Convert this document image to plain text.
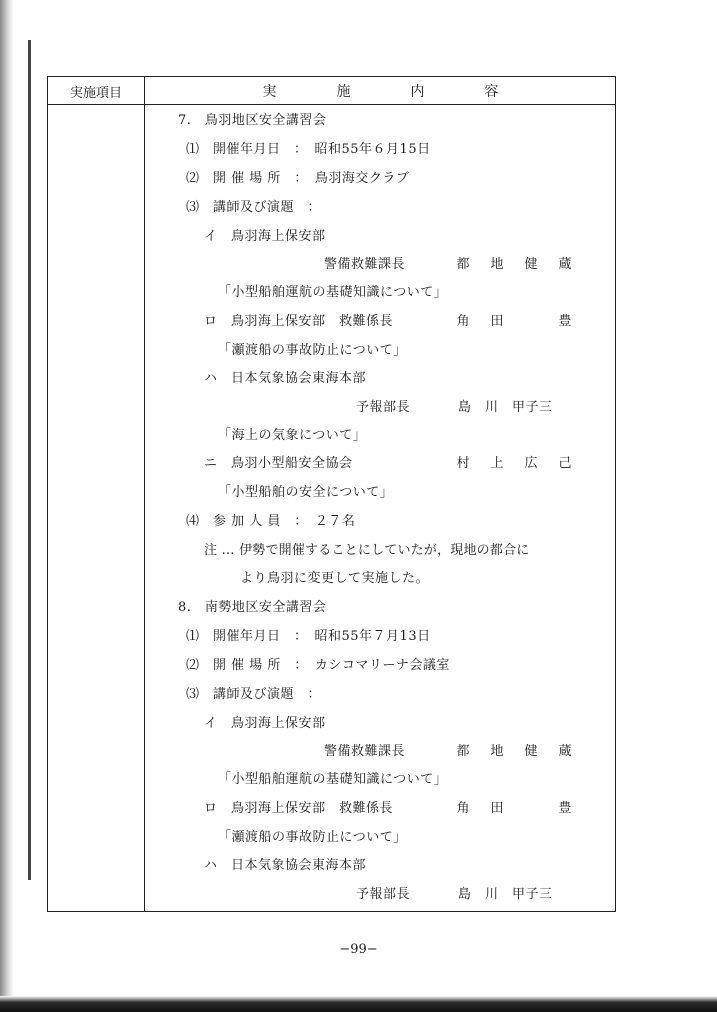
実施項目	実	施	内	容
7.　鳥羽地区安全講習会
⑴　開催年月日　：　昭和55年６月15日
⑵　開 催 場 所　：　鳥羽海交クラブ
⑶　講師及び演題　：
イ　鳥羽海上保安部
警備救難課長	都 地 健 蔵
「小型船舶運航の基礎知識について」
ロ　鳥羽海上保安部　救難係長	角 田	豊
「瀬渡船の事故防止について」
ハ　日本気象協会東海本部
予報部長	島　川　甲子三
「海上の気象について」
ニ　鳥羽小型船安全協会	村 上 広 己
「小型船舶の安全について」
⑷　参 加 人 員　：　２７名
注 … 伊勢で開催することにしていたが，現地の都合に
より鳥羽に変更して実施した。
8.　南勢地区安全講習会
⑴　開催年月日　：　昭和55年７月13日
⑵　開 催 場 所　：　カシコマリーナ会議室
⑶　講師及び演題　：
イ　鳥羽海上保安部
警備救難課長	都 地 健 蔵
「小型船舶運航の基礎知識について」
ロ　鳥羽海上保安部　救難係長	角 田	豊
「瀬渡船の事故防止について」
ハ　日本気象協会東海本部
予報部長	島　川　甲子三
−99−
